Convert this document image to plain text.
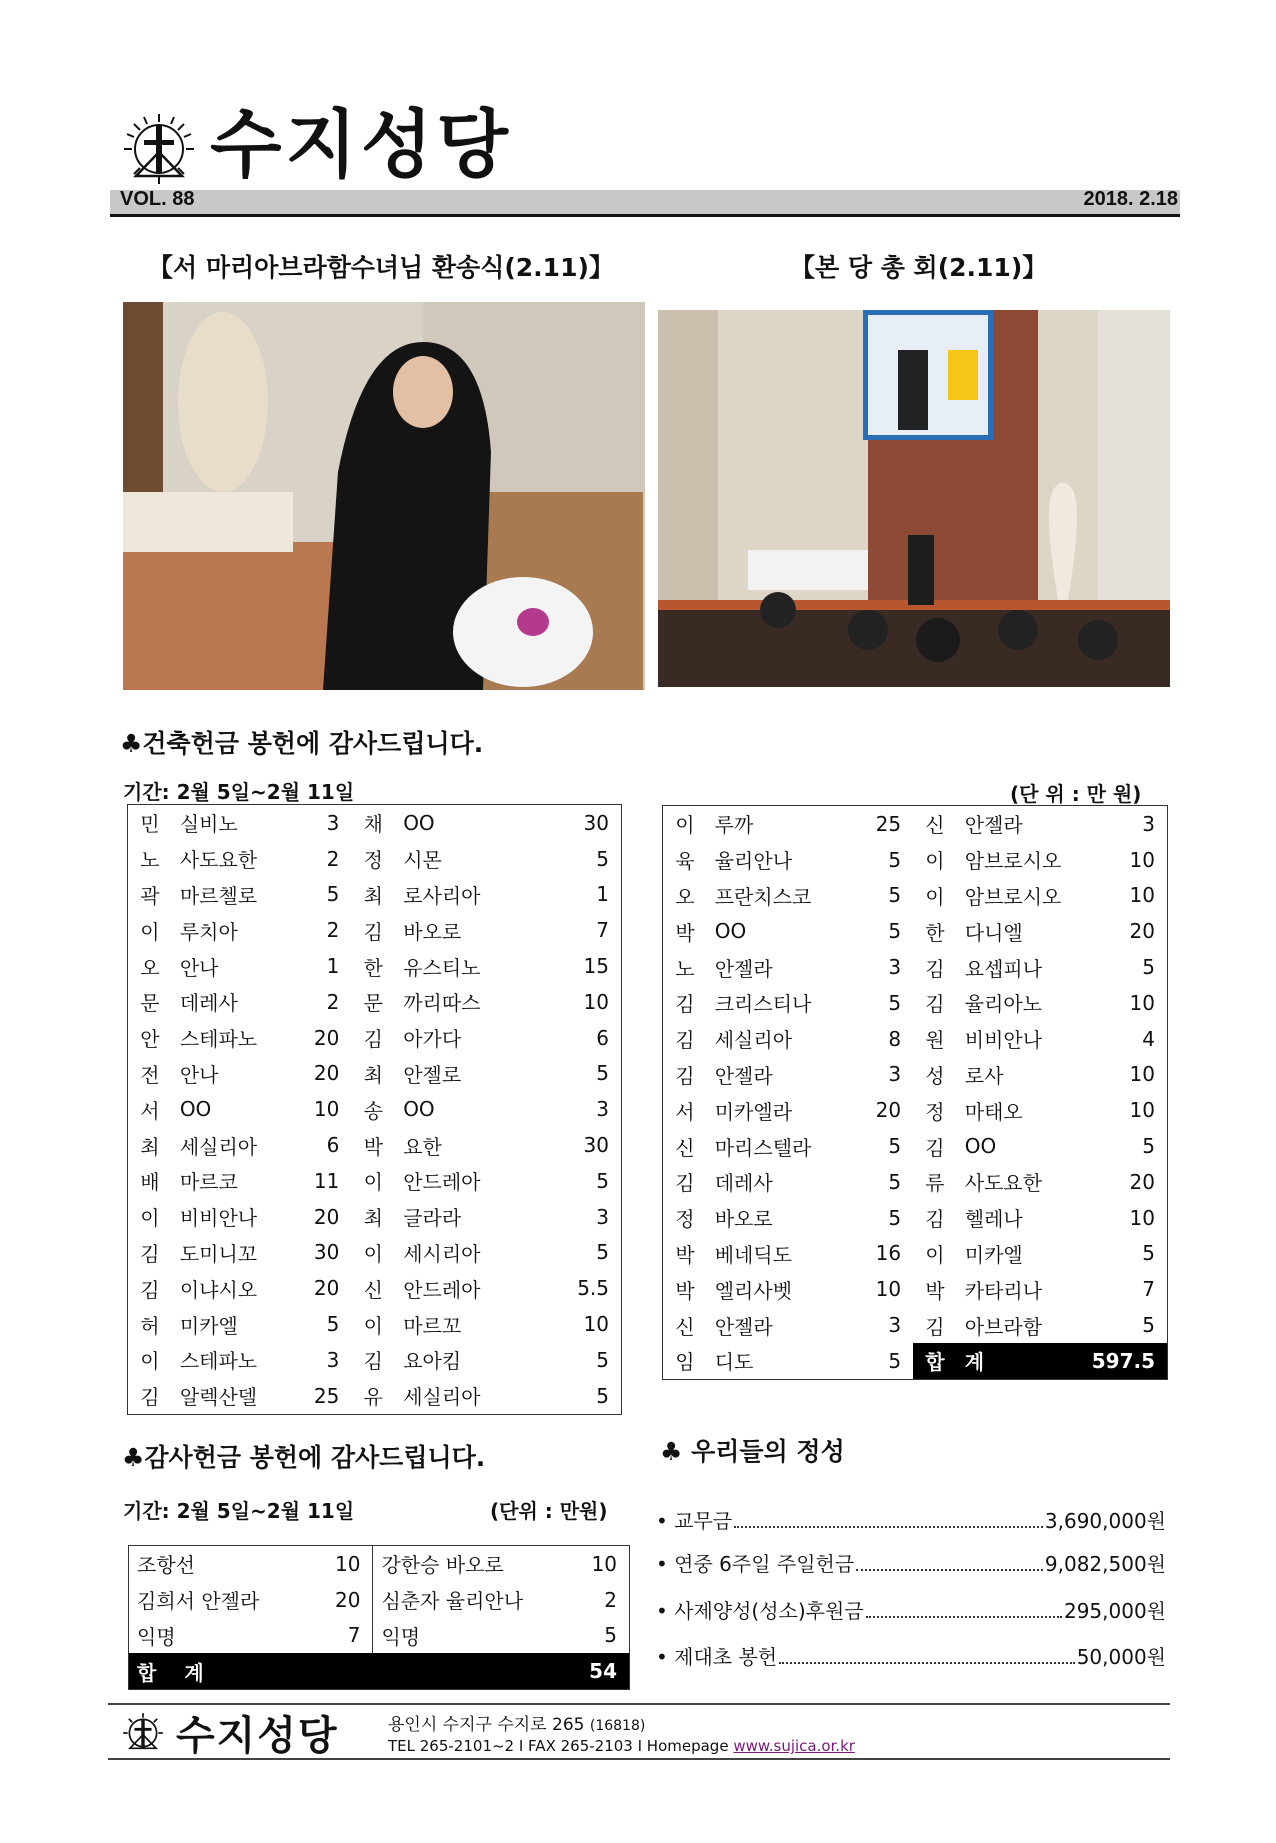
수지성당
VOL. 88	2018. 2.18
【서 마리아브라함수녀님 환송식(2.11)】	【본 당 총 회(2.11)】
♣건축헌금 봉헌에 감사드립니다.
기간: 2월 5일~2월 11일	(단 위 : 만 원)
민	실비노	3	채	OO	30
노	사도요한	2	정	시몬	5
곽	마르첼로	5	최	로사리아	1
이	루치아	2	김	바오로	7
오	안나	1	한	유스티노	15
문	데레사	2	문	까리따스	10
안	스테파노	20	김	아가다	6
전	안나	20	최	안젤로	5
서	OO	10	송	OO	3
최	세실리아	6	박	요한	30
배	마르코	11	이	안드레아	5
이	비비안나	20	최	글라라	3
김	도미니꼬	30	이	세시리아	5
김	이냐시오	20	신	안드레아	5.5
허	미카엘	5	이	마르꼬	10
이	스테파노	3	김	요아킴	5
김	알렉산델	25	유	세실리아	5
이	루까	25	신	안젤라	3
육	율리안나	5	이	암브로시오	10
오	프란치스코	5	이	암브로시오	10
박	OO	5	한	다니엘	20
노	안젤라	3	김	요셉피나	5
김	크리스티나	5	김	율리아노	10
김	세실리아	8	원	비비안나	4
김	안젤라	3	성	로사	10
서	미카엘라	20	정	마태오	10
신	마리스텔라	5	김	OO	5
김	데레사	5	류	사도요한	20
정	바오로	5	김	헬레나	10
박	베네딕도	16	이	미카엘	5
박	엘리사벳	10	박	카타리나	7
신	안젤라	3	김	아브라함	5
임	디도	5	합	계	597.5
♣감사헌금 봉헌에 감사드립니다.
기간: 2월 5일~2월 11일	(단위 : 만원)
조항선	10	강한승 바오로	10
김희서 안젤라	20	심춘자 율리안나	2
익명	7	익명	5
합 계			54
♣ 우리들의 정성
• 교무금	3,690,000원
• 연중 6주일 주일헌금	9,082,500원
• 사제양성(성소)후원금	295,000원
• 제대초 봉헌	50,000원
수지성당	용인시 수지구 수지로 265 (16818)
TEL 265-2101~2 I FAX 265-2103 I Homepage www.sujica.or.kr
